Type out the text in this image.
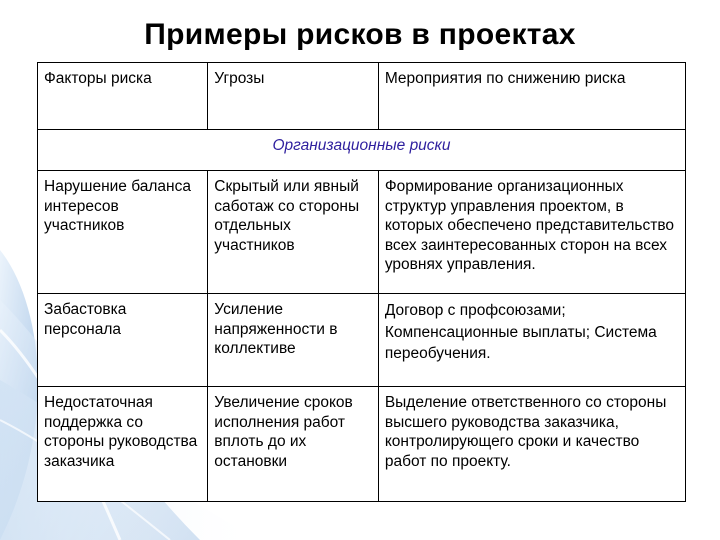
Примеры рисков в проектах
Факторы риска	Угрозы	Мероприятия по снижению риска
Организационные риски		
Нарушение баланса интересов участников	Скрытый или явный саботаж со стороны отдельных участников	Формирование организационных структур управления проектом, в которых обеспечено представительство всех заинтересованных сторон на всех уровнях управления.
Забастовка персонала	Усиление напряженности в коллективе	Договор с профсоюзами; Компенсационные выплаты; Система переобучения.
Недостаточная поддержка со стороны руководства заказчика	Увеличение сроков исполнения работ вплоть до их остановки	Выделение ответственного со стороны высшего руководства заказчика, контролирующего сроки и качество работ по проекту.
